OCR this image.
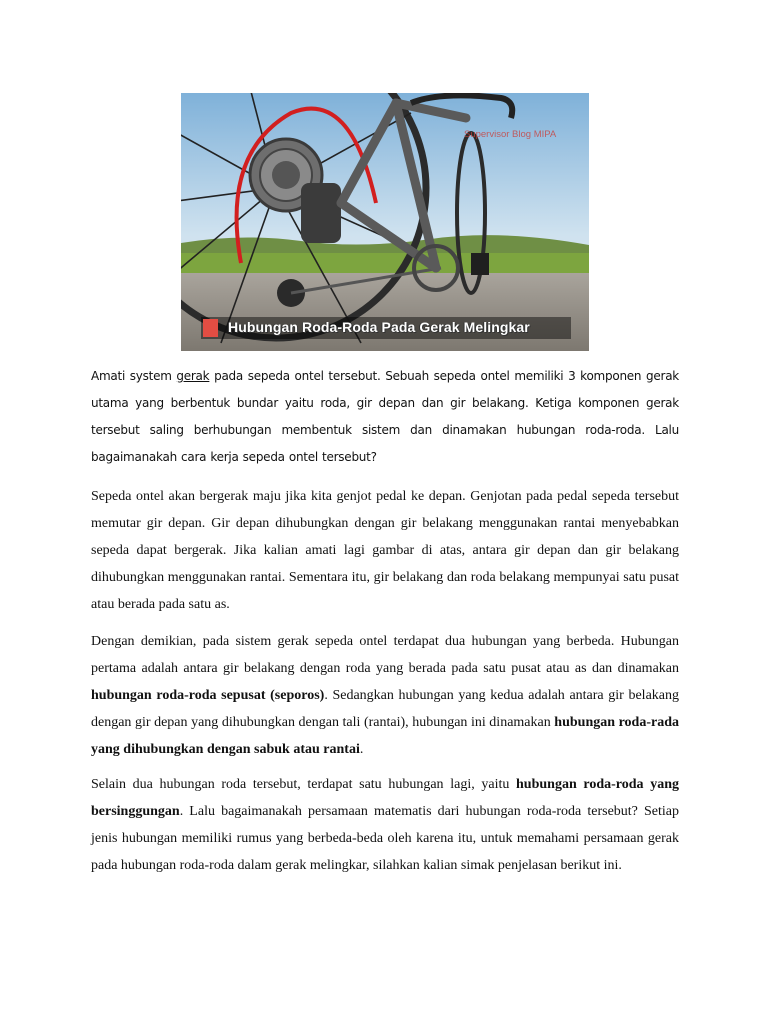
Supervisor Blog MIPA
Hubungan Roda-Roda Pada Gerak Melingkar
Amati system gerak pada sepeda ontel tersebut. Sebuah sepeda ontel memiliki 3 komponen gerak utama yang berbentuk bundar yaitu roda, gir depan dan gir belakang. Ketiga komponen gerak tersebut saling berhubungan membentuk sistem dan dinamakan hubungan roda-roda. Lalu bagaimanakah cara kerja sepeda ontel tersebut?
Sepeda ontel akan bergerak maju jika kita genjot pedal ke depan. Genjotan pada pedal sepeda tersebut memutar gir depan. Gir depan dihubungkan dengan gir belakang menggunakan rantai menyebabkan sepeda dapat bergerak. Jika kalian amati lagi gambar di atas, antara gir depan dan gir belakang dihubungkan menggunakan rantai. Sementara itu, gir belakang dan roda belakang mempunyai satu pusat atau berada pada satu as.
Dengan demikian, pada sistem gerak sepeda ontel terdapat dua hubungan yang berbeda. Hubungan pertama adalah antara gir belakang dengan roda yang berada pada satu pusat atau as dan dinamakan hubungan roda-roda sepusat (seporos). Sedangkan hubungan yang kedua adalah antara gir belakang dengan gir depan yang dihubungkan dengan tali (rantai), hubungan ini dinamakan hubungan roda-rada yang dihubungkan dengan sabuk atau rantai.
Selain dua hubungan roda tersebut, terdapat satu hubungan lagi, yaitu hubungan roda-roda yang bersinggungan. Lalu bagaimanakah persamaan matematis dari hubungan roda-roda tersebut? Setiap jenis hubungan memiliki rumus yang berbeda-beda oleh karena itu, untuk memahami persamaan gerak pada hubungan roda-roda dalam gerak melingkar, silahkan kalian simak penjelasan berikut ini.
